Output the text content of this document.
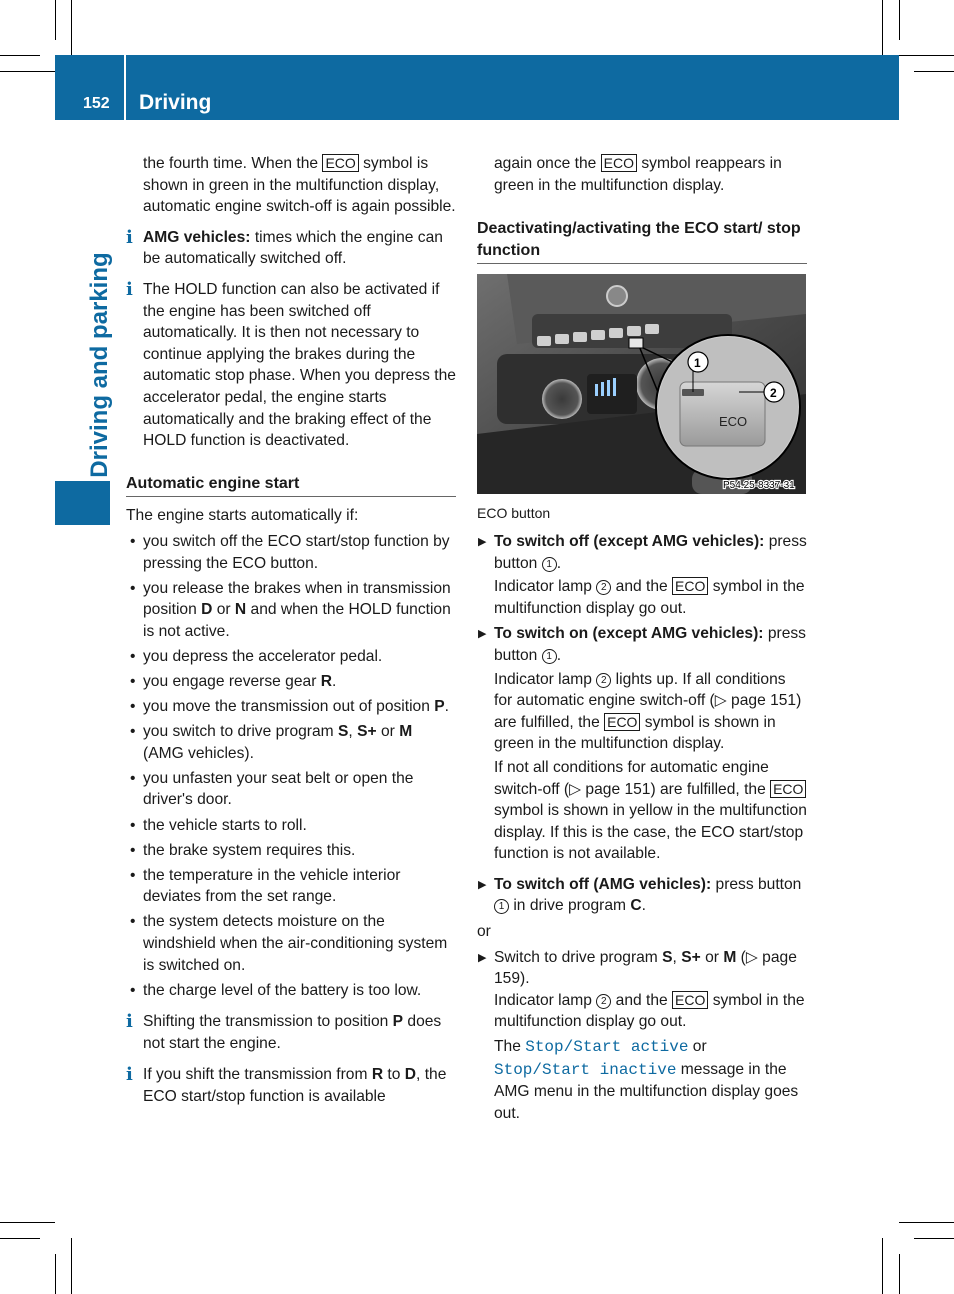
152 Driving
Driving and parking

the fourth time. When the ECO symbol is shown in green in the multifunction display, automatic engine switch-off is again possible.

i AMG vehicles: times which the engine can be automatically switched off.
i The HOLD function can also be activated if the engine has been switched off automatically. It is then not necessary to continue applying the brakes during the automatic stop phase. When you depress the accelerator pedal, the engine starts automatically and the braking effect of the HOLD function is deactivated.
Automatic engine start

The engine starts automatically if:

• you switch off the ECO start/stop function by pressing the ECO button.
• you release the brakes when in transmission position D or N and when the HOLD function is not active.
• you depress the accelerator pedal.
• you engage reverse gear R.
• you move the transmission out of position P.
• you switch to drive program S, S+ or M (AMG vehicles).
• you unfasten your seat belt or open the driver's door.
• the vehicle starts to roll.
• the brake system requires this.
• the temperature in the vehicle interior deviates from the set range.
• the system detects moisture on the windshield when the air-conditioning system is switched on.
• the charge level of the battery is too low.
i Shifting the transmission to position P does not start the engine.
i If you shift the transmission from R to D, the ECO start/stop function is available

again once the ECO symbol reappears in green in the multifunction display.

Deactivating/activating the ECO start/ stop function
ECO
1
2
P54.25-8337-31
ECO button
▶ To switch off (except AMG vehicles): press button 1 .
Indicator lamp 2 and the ECO symbol in the multifunction display go out.
▶ To switch on (except AMG vehicles): press button 1 .
Indicator lamp 2 lights up. If all conditions for automatic engine switch-off (▷ page 151) are fulfilled, the ECO symbol is shown in green in the multifunction display.
If not all conditions for automatic engine switch-off (▷ page 151) are fulfilled, the ECO symbol is shown in yellow in the multifunction display. If this is the case, the ECO start/stop function is not available.
▶ To switch off (AMG vehicles): press button 1 in drive program C.

or

▶ Switch to drive program S, S+ or M (▷ page 159).
Indicator lamp 2 and the ECO symbol in the multifunction display go out.
The Stop/Start active or Stop/Start inactive message in the AMG menu in the multifunction display goes out.
